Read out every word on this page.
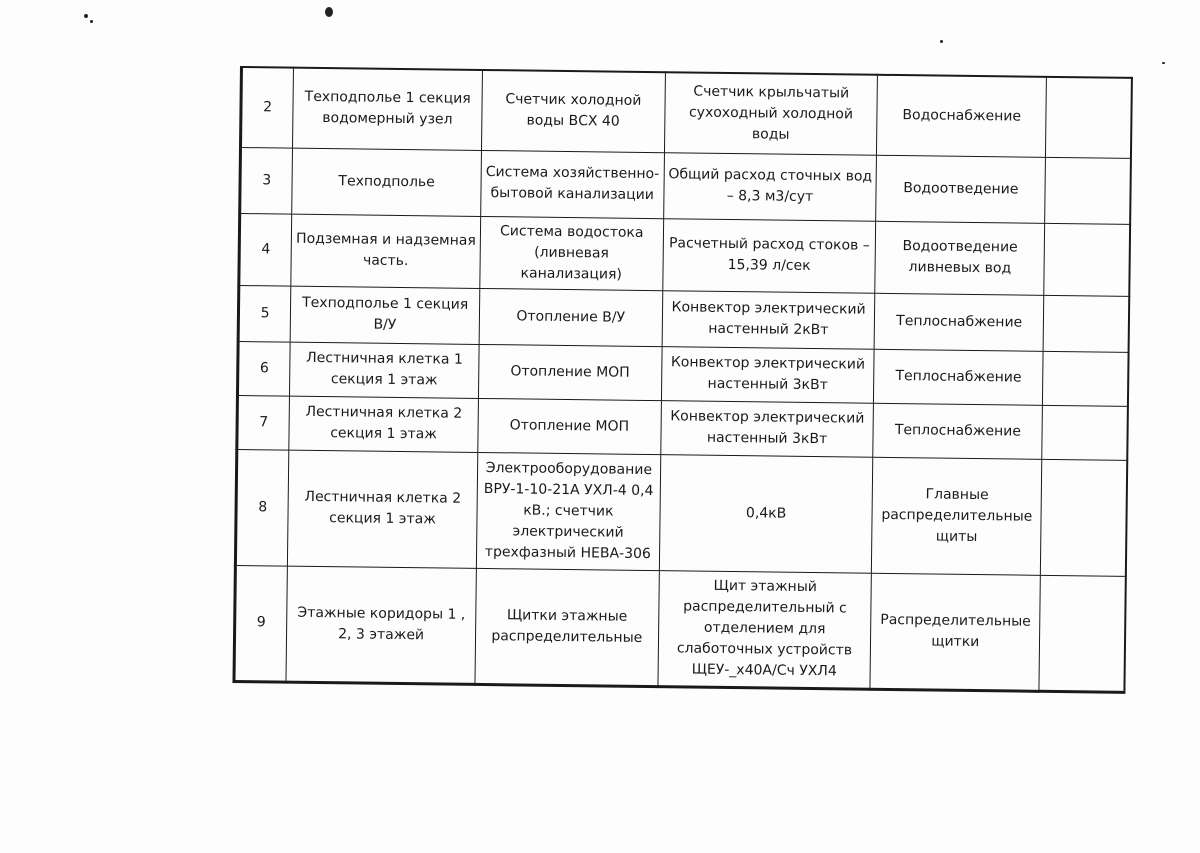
2	Техподполье 1 секция водомерный узел	Счетчик холодной воды ВСХ 40	Счетчик крыльчатый сухоходный холодной воды	Водоснабжение	
3	Техподполье	Система хозяйственно-бытовой канализации	Общий расход сточных вод – 8,3 м3/сут	Водоотведение	
4	Подземная и надземная часть.	Система водостока (ливневая канализация)	Расчетный расход стоков – 15,39 л/сек	Водоотведение ливневых вод	
5	Техподполье 1 секция В/У	Отопление В/У	Конвектор электрический настенный 2кВт	Теплоснабжение	
6	Лестничная клетка 1 секция 1 этаж	Отопление МОП	Конвектор электрический настенный 3кВт	Теплоснабжение	
7	Лестничная клетка 2 секция 1 этаж	Отопление МОП	Конвектор электрический настенный 3кВт	Теплоснабжение	
8	Лестничная клетка 2 секция 1 этаж	Электрооборудование ВРУ-1-10-21А УХЛ-4 0,4 кВ.; счетчик электрический трехфазный НЕВА-306	0,4кВ	Главные распределительные щиты	
9	Этажные коридоры 1 , 2, 3 этажей	Щитки этажные распределительные	Щит этажный распределительный с отделением для слаботочных устройств ЩЕУ-_х40А/Сч УХЛ4	Распределительные щитки	
